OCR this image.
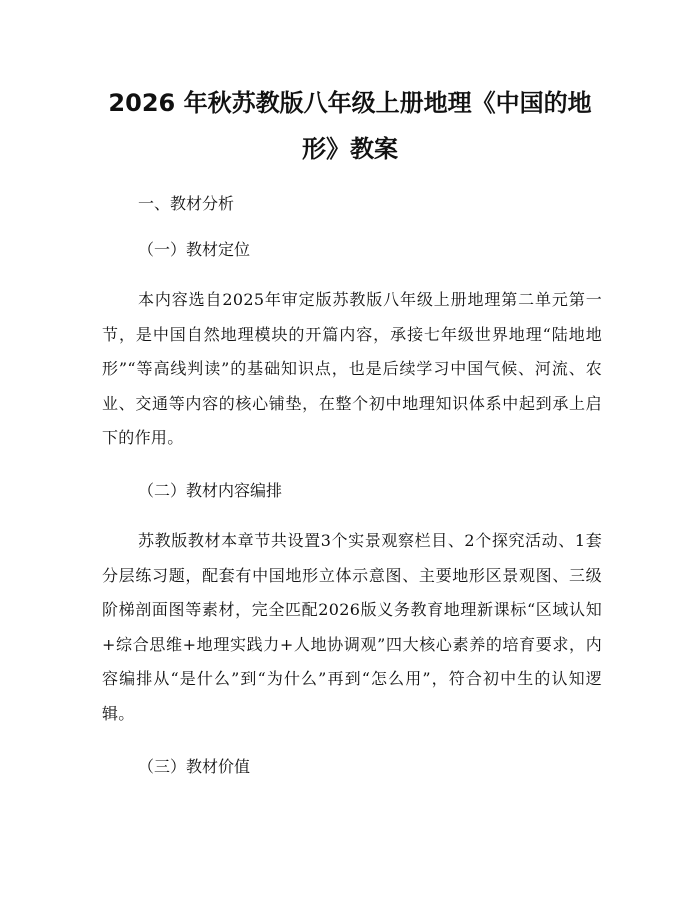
2026 年秋苏教版八年级上册地理《中国的地
形》教案

一、教材分析

（一）教材定位

本内容选自2025年审定版苏教版八年级上册地理第二单元第一节，是中国自然地理模块的开篇内容，承接七年级世界地理“陆地地形”“等高线判读”的基础知识点，也是后续学习中国气候、河流、农业、交通等内容的核心铺垫，在整个初中地理知识体系中起到承上启下的作用。

（二）教材内容编排

苏教版教材本章节共设置3个实景观察栏目、2个探究活动、1套分层练习题，配套有中国地形立体示意图、主要地形区景观图、三级阶梯剖面图等素材，完全匹配2026版义务教育地理新课标“区域认知+综合思维+地理实践力+人地协调观”四大核心素养的培育要求，内容编排从“是什么”到“为什么”再到“怎么用”，符合初中生的认知逻辑。

（三）教材价值
